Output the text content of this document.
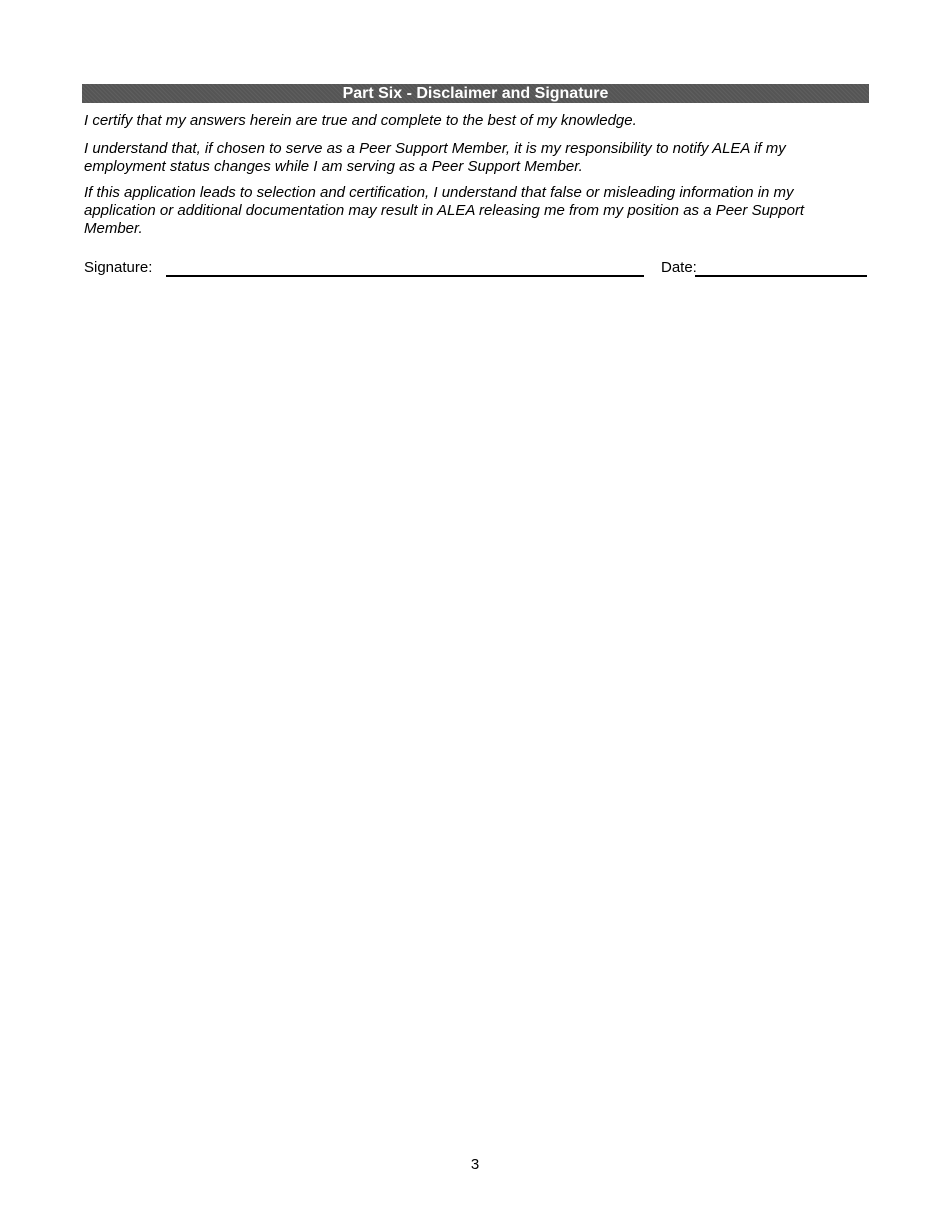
Part Six - Disclaimer and Signature

I certify that my answers herein are true and complete to the best of my knowledge.

I understand that, if chosen to serve as a Peer Support Member, it is my responsibility to notify ALEA if my employment status changes while I am serving as a Peer Support Member.

If this application leads to selection and certification, I understand that false or misleading information in my application or additional documentation may result in ALEA releasing me from my position as a Peer Support Member.

Signature:	Date:
3
